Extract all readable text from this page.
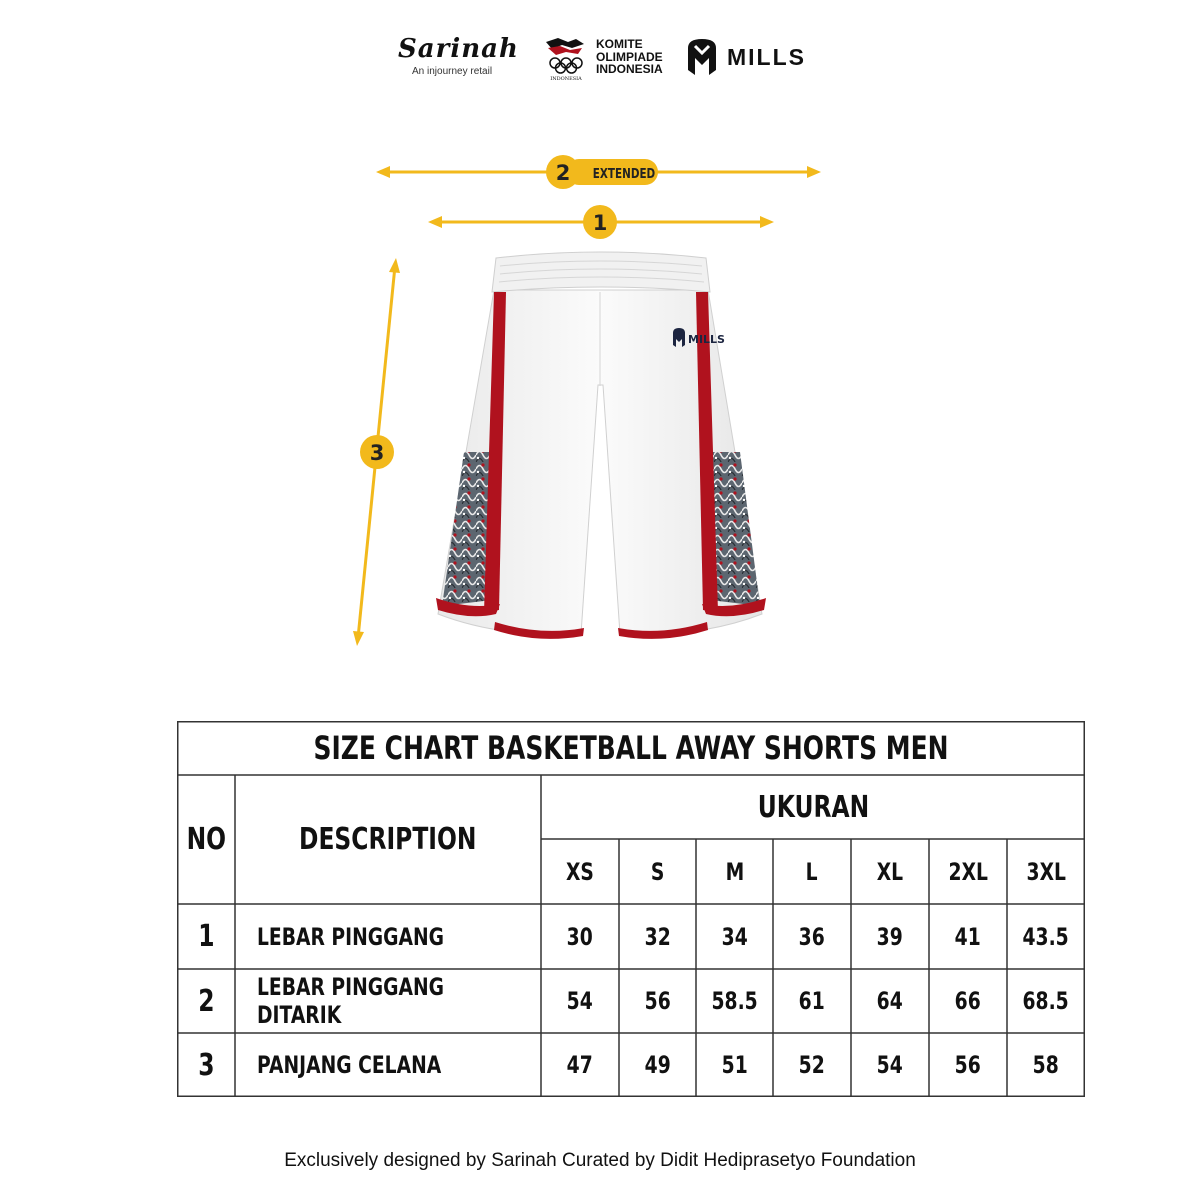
Sarinah
An injourney retail
INDONESIA
KOMITE
OLIMPIADE
INDONESIA	MILLS
2 EXTENDED
1
3
MILLS
SIZE CHART BASKETBALL AWAY SHORTS MEN
NO DESCRIPTION
UKURAN
XS S	M	L XL 2XL 3XL
1 LEBAR PINGGANG	30 32 34 36 39 41 43.5
2 LEBAR PINGGANG DITARIK	54 56 58.5 61 64 66 68.5
3 PANJANG CELANA	47 49 51 52 54 56 58
Exclusively designed by Sarinah Curated by Didit Hediprasetyo Foundation
